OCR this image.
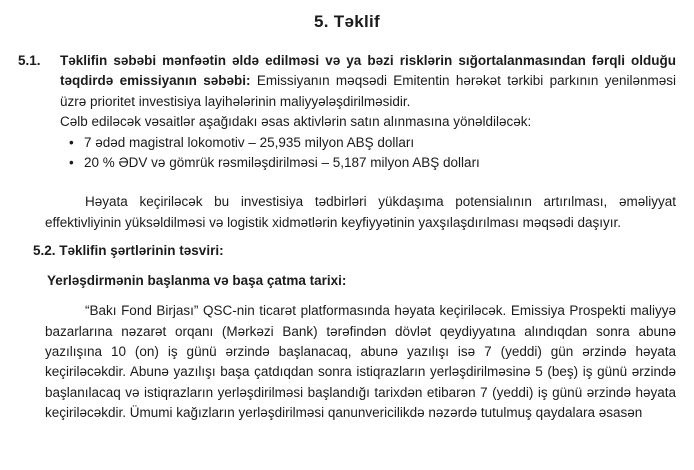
5. Təklif
5.1.	Təklifin səbəbi mənfəətin əldə edilməsi və ya bəzi risklərin sığortalanmasından fərqli olduğu təqdirdə emissiyanın səbəbi: Emissiyanın məqsədi Emitentin hərəkət tərkibi parkının yenilənməsi üzrə prioritet investisiya layihələrinin maliyyələşdirilməsidir.

Cəlb ediləcək vəsaitlər aşağıdakı əsas aktivlərin satın alınmasına yönəldiləcək:

• 7 ədəd magistral lokomotiv – 25,935 milyon ABŞ dolları
• 20 % ƏDV və gömrük rəsmiləşdirilməsi – 5,187 milyon ABŞ dolları

Həyata keçiriləcək bu investisiya tədbirləri yükdaşıma potensialının artırılması, əməliyyat effektivliyinin yüksəldilməsi və logistik xidmətlərin keyfiyyətinin yaxşılaşdırılması məqsədi daşıyır.

5.2. Təklifin şərtlərinin təsviri:

Yerləşdirmənin başlanma və başa çatma tarixi:

“Bakı Fond Birjası” QSC-nin ticarət platformasında həyata keçiriləcək. Emissiya Prospekti maliyyə bazarlarına nəzarət orqanı (Mərkəzi Bank) tərəfindən dövlət qeydiyyatına alındıqdan sonra abunə yazılışına 10 (on) iş günü ərzində başlanacaq, abunə yazılışı isə 7 (yeddi) gün ərzində həyata keçiriləcəkdir. Abunə yazılışı başa çatdıqdan sonra istiqrazların yerləşdirilməsinə 5 (beş) iş günü ərzində başlanılacaq və istiqrazların yerləşdirilməsi başlandığı tarixdən etibarən 7 (yeddi) iş günü ərzində həyata keçiriləcəkdir. Ümumi kağızların yerləşdirilməsi qanunvericilikdə nəzərdə tutulmuş qaydalara əsasən
